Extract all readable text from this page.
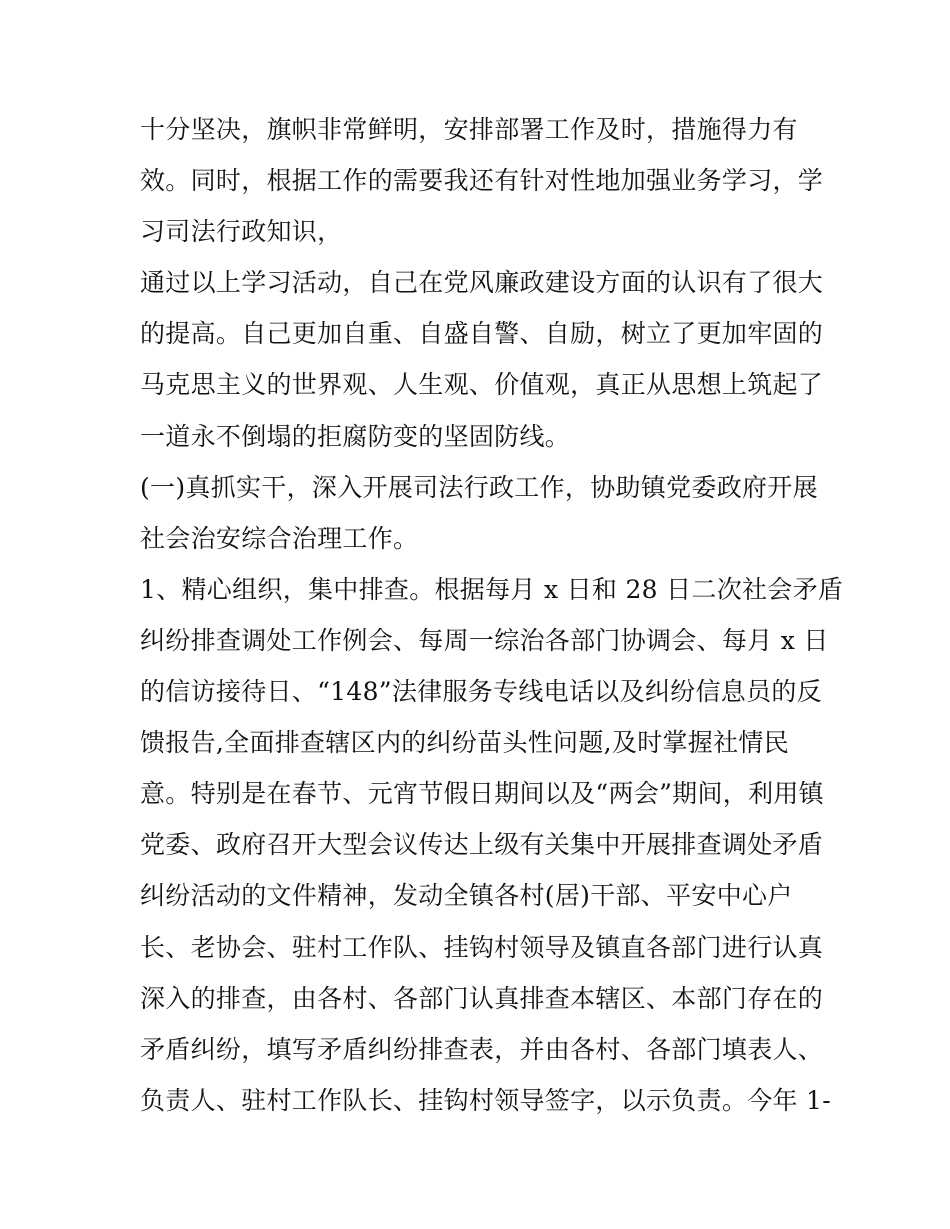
十分坚决，旗帜非常鲜明，安排部署工作及时，措施得力有
效。同时，根据工作的需要我还有针对性地加强业务学习，学
习司法行政知识，
通过以上学习活动，自己在党风廉政建设方面的认识有了很大
的提高。自己更加自重、自盛自警、自励，树立了更加牢固的
马克思主义的世界观、人生观、价值观，真正从思想上筑起了
一道永不倒塌的拒腐防变的坚固防线。
(一)真抓实干，深入开展司法行政工作，协助镇党委政府开展
社会治安综合治理工作。
1、精心组织，集中排查。根据每月 x 日和 28 日二次社会矛盾
纠纷排查调处工作例会、每周一综治各部门协调会、每月 x 日
的信访接待日、“148”法律服务专线电话以及纠纷信息员的反
馈报告,全面排查辖区内的纠纷苗头性问题,及时掌握社情民
意。特别是在春节、元宵节假日期间以及“两会”期间，利用镇
党委、政府召开大型会议传达上级有关集中开展排查调处矛盾
纠纷活动的文件精神，发动全镇各村(居)干部、平安中心户
长、老协会、驻村工作队、挂钩村领导及镇直各部门进行认真
深入的排查，由各村、各部门认真排查本辖区、本部门存在的
矛盾纠纷，填写矛盾纠纷排查表，并由各村、各部门填表人、
负责人、驻村工作队长、挂钩村领导签字，以示负责。今年 1-
